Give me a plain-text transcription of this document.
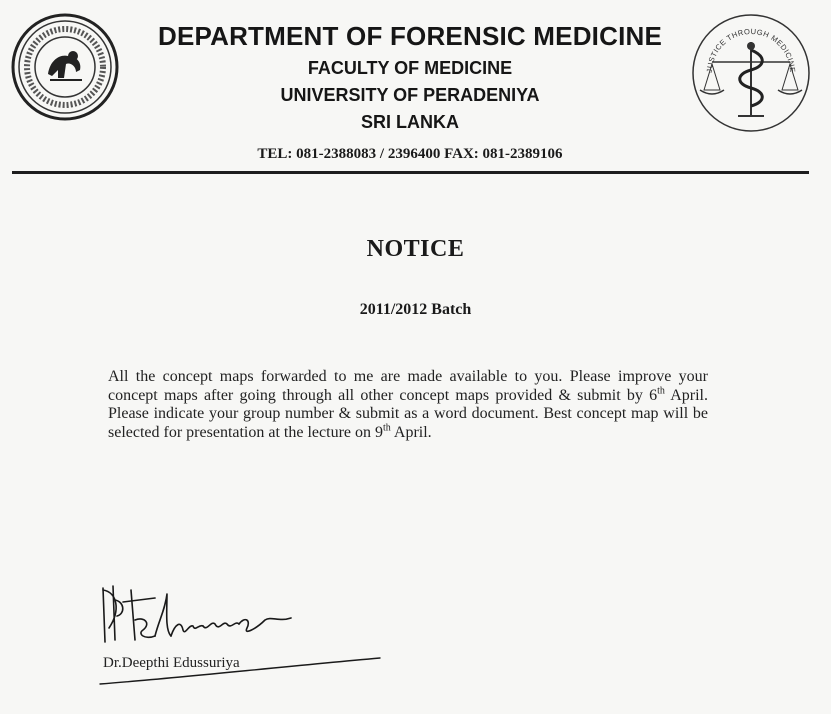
JUSTICE THROUGH MEDICINE
DEPARTMENT OF FORENSIC MEDICINE
FACULTY OF MEDICINE
UNIVERSITY OF PERADENIYA
SRI LANKA
TEL: 081-2388083 / 2396400 FAX: 081-2389106
NOTICE
2011/2012 Batch
All the concept maps forwarded to me are made available to you. Please improve your concept maps after going through all other concept maps provided & submit by 6th April. Please indicate your group number & submit as a word document. Best concept map will be selected for presentation at the lecture on 9th April.
Dr.Deepthi Edussuriya
